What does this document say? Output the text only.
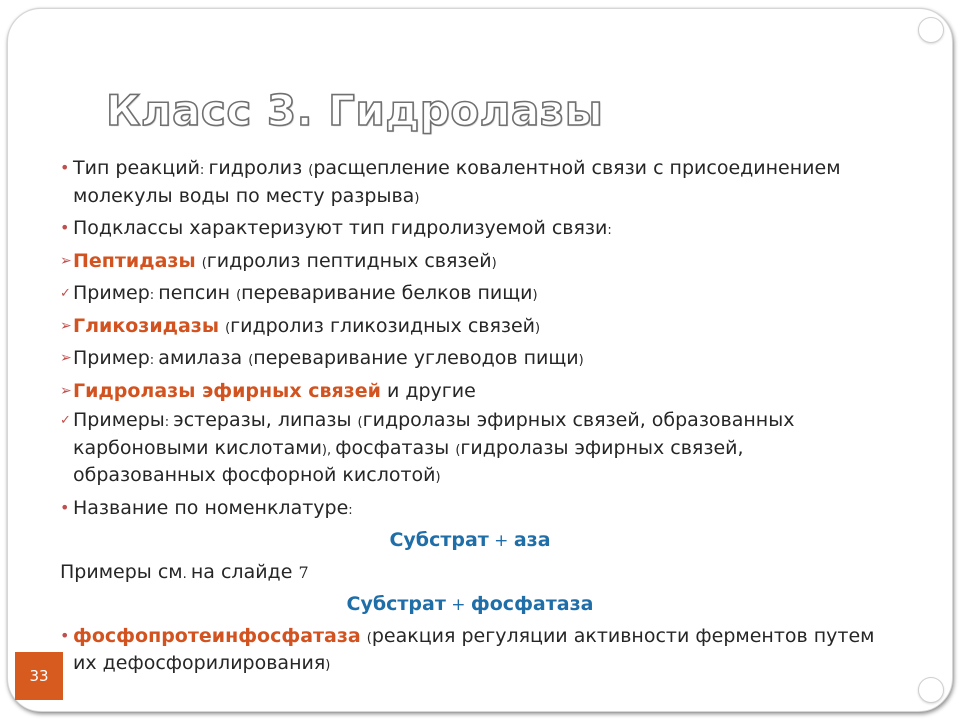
Класс 3. Гидролазы
• Тип реакций: гидролиз (расщепление ковалентной связи с присоединением молекулы воды по месту разрыва)
• Подклассы характеризуют тип гидролизуемой связи:
➢ Пептидазы (гидролиз пептидных связей)
✓ Пример: пепсин (переваривание белков пищи)
➢ Гликозидазы (гидролиз гликозидных связей)
➢ Пример: амилаза (переваривание углеводов пищи)
➢ Гидролазы эфирных связей и другие
✓ Примеры: эстеразы, липазы (гидролазы эфирных связей, образованных карбоновыми кислотами), фосфатазы (гидролазы эфирных связей, образованных фосфорной кислотой)
• Название по номенклатуре:
Субстрат + аза
Примеры см. на слайде 7
Субстрат + фосфатаза
• фосфопротеинфосфатаза (реакция регуляции активности ферментов путем их дефосфорилирования)
33
